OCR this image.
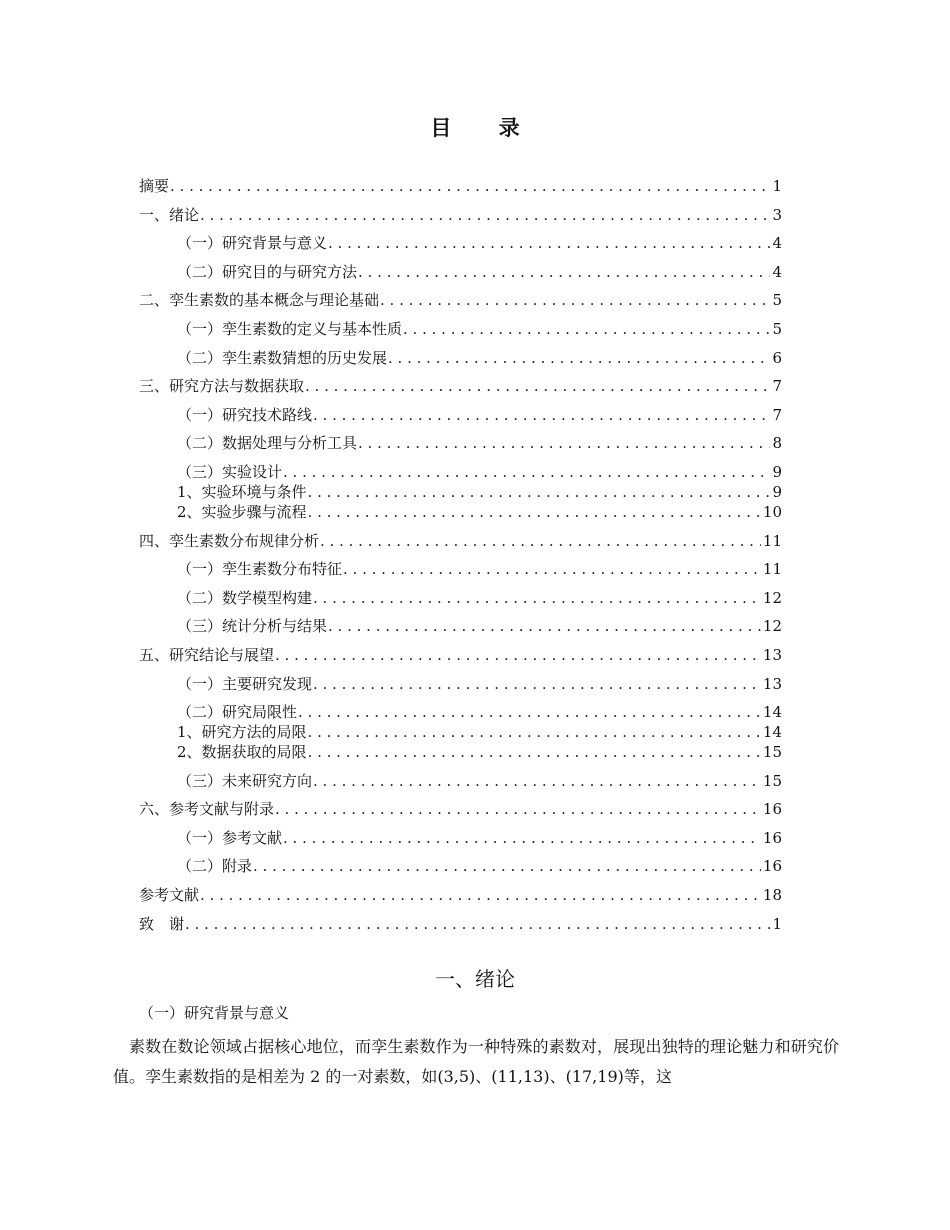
目 录
摘要 . . .	1
一、绪论 . . .	3
（一）研究背景与意义 . . .	4
（二）研究目的与研究方法 . . .	4
二、孪生素数的基本概念与理论基础 . . .	5
（一）孪生素数的定义与基本性质 . . .	5
（二）孪生素数猜想的历史发展 . . .	6
三、研究方法与数据获取 . . .	7
（一）研究技术路线 . . .	7
（二）数据处理与分析工具 . . .	8
（三）实验设计 . . .	9
1、实验环境与条件 . . .	9
2、实验步骤与流程 . . .	10
四、孪生素数分布规律分析 . . .	11
（一）孪生素数分布特征 . . .	11
（二）数学模型构建 . . .	12
（三）统计分析与结果 . . .	12
五、研究结论与展望 . . .	13
（一）主要研究发现 . . .	13
（二）研究局限性 . . .	14
1、研究方法的局限 . . .	14
2、数据获取的局限 . . .	15
（三）未来研究方向 . . .	15
六、参考文献与附录 . . .	16
（一）参考文献 . . .	16
（二）附录 . . .	16
参考文献 . . .	18
致　谢 . . .	1
一、绪论
（一）研究背景与意义
素数在数论领域占据核心地位，而孪生素数作为一种特殊的素数对，展现出独特的理论魅力和研究价值。孪生素数指的是相差为 2 的一对素数，如(3,5)、(11,13)、(17,19)等，这
